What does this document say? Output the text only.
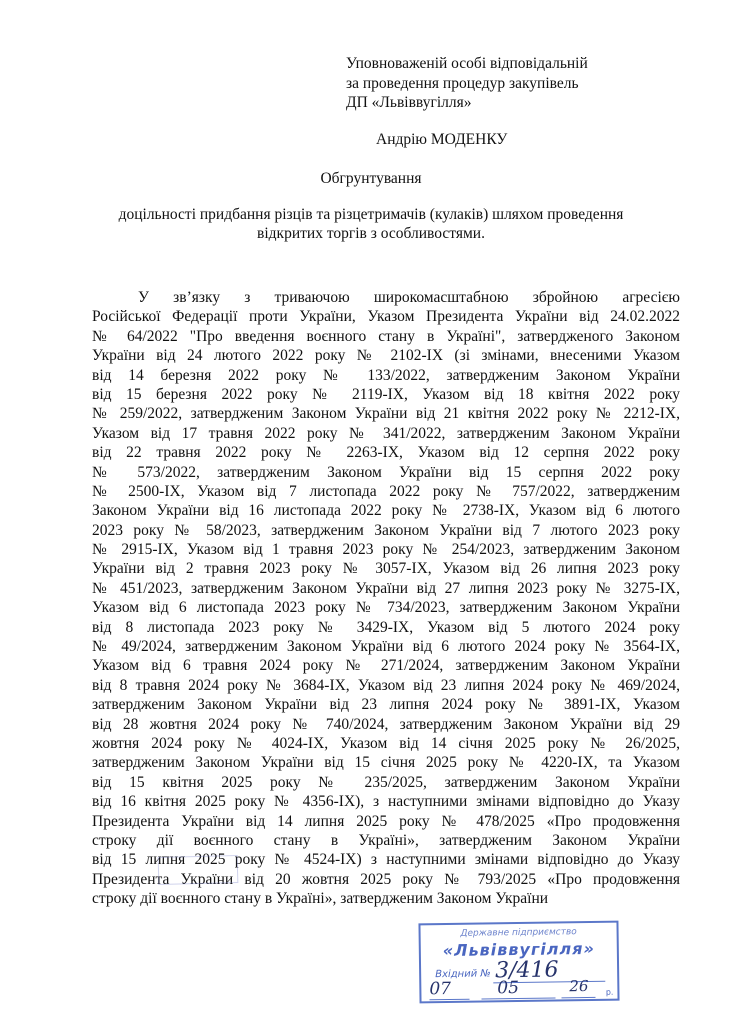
Уповноваженій особі відповідальній
за проведення процедур закупівель
ДП «Львіввугілля»
Андрію МОДЕНКУ
Обгрунтування
доцільності придбання різців та різцетримачів (кулаків) шляхом проведення
відкритих торгів з особливостями.
У зв’язку з триваючою широкомасштабною збройною агресією
Російської Федерації проти України, Указом Президента України від 24.02.2022
№ 64/2022 "Про введення воєнного стану в Україні", затвердженого Законом
України від 24 лютого 2022 року № 2102-IX (зі змінами, внесеними Указом
від 14 березня 2022 року № 133/2022, затвердженим Законом України
від 15 березня 2022 року № 2119-IX, Указом від 18 квітня 2022 року
№ 259/2022, затвердженим Законом України від 21 квітня 2022 року № 2212-IX,
Указом від 17 травня 2022 року № 341/2022, затвердженим Законом України
від 22 травня 2022 року № 2263-IX, Указом від 12 серпня 2022 року
№ 573/2022, затвердженим Законом України від 15 серпня 2022 року
№ 2500-IX, Указом від 7 листопада 2022 року № 757/2022, затвердженим
Законом України від 16 листопада 2022 року № 2738-IX, Указом від 6 лютого
2023 року № 58/2023, затвердженим Законом України від 7 лютого 2023 року
№ 2915-IX, Указом від 1 травня 2023 року № 254/2023, затвердженим Законом
України від 2 травня 2023 року № 3057-IX, Указом від 26 липня 2023 року
№ 451/2023, затвердженим Законом України від 27 липня 2023 року № 3275-IX,
Указом від 6 листопада 2023 року № 734/2023, затвердженим Законом України
від 8 листопада 2023 року № 3429-IX, Указом від 5 лютого 2024 року
№ 49/2024, затвердженим Законом України від 6 лютого 2024 року № 3564-IX,
Указом від 6 травня 2024 року № 271/2024, затвердженим Законом України
від 8 травня 2024 року № 3684-IX, Указом від 23 липня 2024 року № 469/2024,
затвердженим Законом України від 23 липня 2024 року № 3891-IX, Указом
від 28 жовтня 2024 року № 740/2024, затвердженим Законом України від 29
жовтня 2024 року № 4024-IX, Указом від 14 січня 2025 року № 26/2025,
затвердженим Законом України від 15 січня 2025 року № 4220-IX, та Указом
від 15 квітня 2025 року № 235/2025, затвердженим Законом України
від 16 квітня 2025 року № 4356-IX), з наступними змінами відповідно до Указу
Президента України від 14 липня 2025 року № 478/2025 «Про продовження
строку дії воєнного стану в Україні», затвердженим Законом України
від 15 липня 2025 року № 4524-IX) з наступними змінами відповідно до Указу
Президента України від 20 жовтня 2025 року № 793/2025 «Про продовження
строку дії воєнного стану в Україні», затвердженим Законом України
Державне підприємство
«Львіввугілля»
Вхідний № 3/416
07	05	26 р.
